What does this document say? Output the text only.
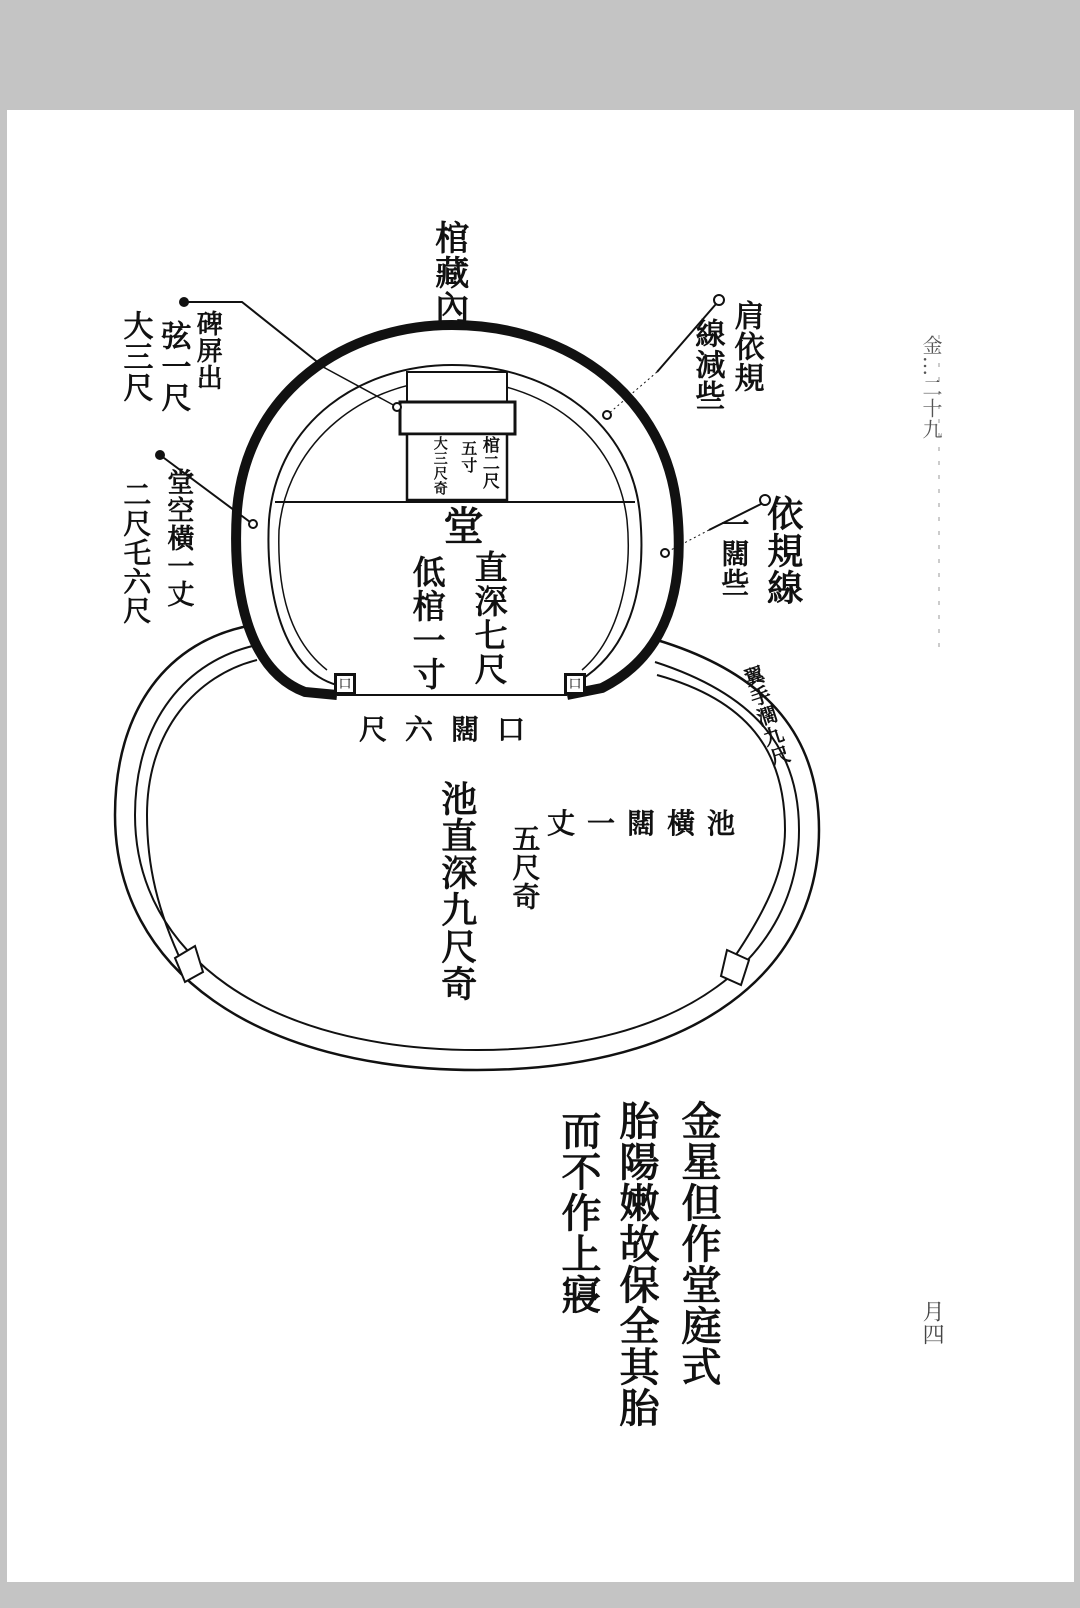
口	口
棺藏內
碑屏出
弦一尺
大三尺
堂空橫一丈
二尺乇六尺
肩依規
線減些
依規線
一闊些
棺二尺
五寸
大三尺奇
堂
直深七尺
低棺一寸
口闊六尺	翼手濶九尺
池橫闊一丈
五尺奇
池直深九尺奇
金星但作堂庭式
胎陽嫩故保全其胎
而不作上寢
金…二十九
月四
